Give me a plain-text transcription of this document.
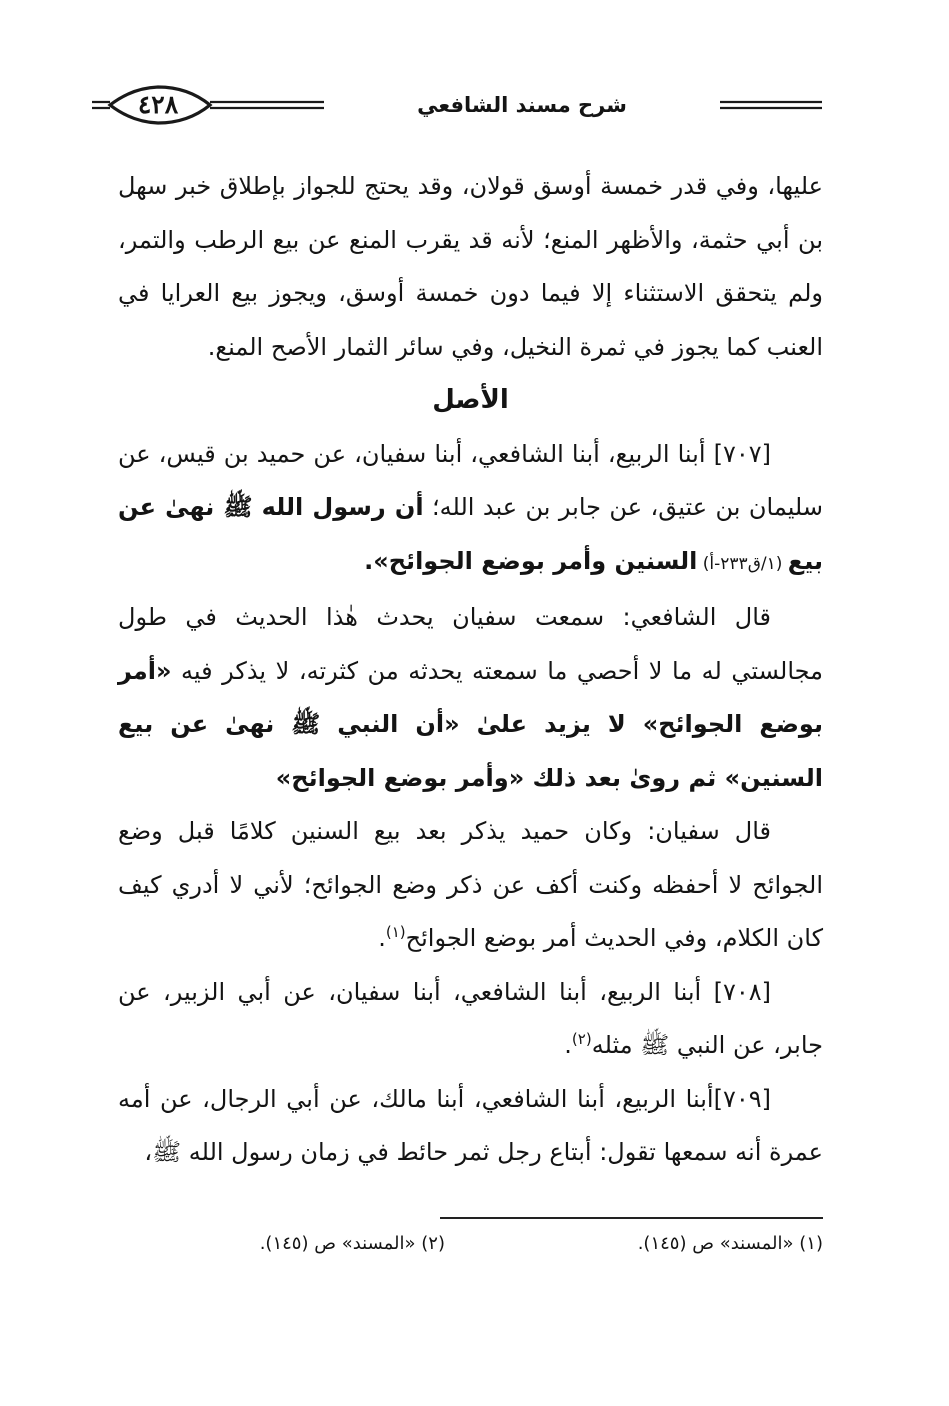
٤٢٨	شرح مسند الشافعي

عليها، وفي قدر خمسة أوسق قولان، وقد يحتج للجواز بإطلاق خبر سهل بن أبي حثمة، والأظهر المنع؛ لأنه قد يقرب المنع عن بيع الرطب والتمر، ولم يتحقق الاستثناء إلا فيما دون خمسة أوسق، ويجوز بيع العرايا في العنب كما يجوز في ثمرة النخيل، وفي سائر الثمار الأصح المنع.

الأصل

[٧٠٧] أبنا الربيع، أبنا الشافعي، أبنا سفيان، عن حميد بن قيس، عن سليمان بن عتيق، عن جابر بن عبد الله؛ أن رسول الله ﷺ نهىٰ عن بيع (١/ق٢٣٣-أ) السنين وأمر بوضع الجوائح».

قال الشافعي: سمعت سفيان يحدث هٰذا الحديث في طول مجالستي له ما لا أحصي ما سمعته يحدثه من كثرته، لا يذكر فيه «أمر بوضع الجوائح» لا يزيد علىٰ «أن النبي ﷺ نهىٰ عن بيع السنين» ثم روىٰ بعد ذلك «وأمر بوضع الجوائح»

قال سفيان: وكان حميد يذكر بعد بيع السنين كلامًا قبل وضع الجوائح لا أحفظه وكنت أكف عن ذكر وضع الجوائح؛ لأني لا أدري كيف كان الكلام، وفي الحديث أمر بوضع الجوائح$^{(١)}$.

[٧٠٨] أبنا الربيع، أبنا الشافعي، أبنا سفيان، عن أبي الزبير، عن جابر، عن النبي ﷺ مثله$^{(٢)}$.

[٧٠٩]أبنا الربيع، أبنا الشافعي، أبنا مالك، عن أبي الرجال، عن أمه عمرة أنه سمعها تقول: أبتاع رجل ثمر حائط في زمان رسول الله ﷺ،

(١) «المسند» ص (١٤٥).
(٢) «المسند» ص (١٤٥).
